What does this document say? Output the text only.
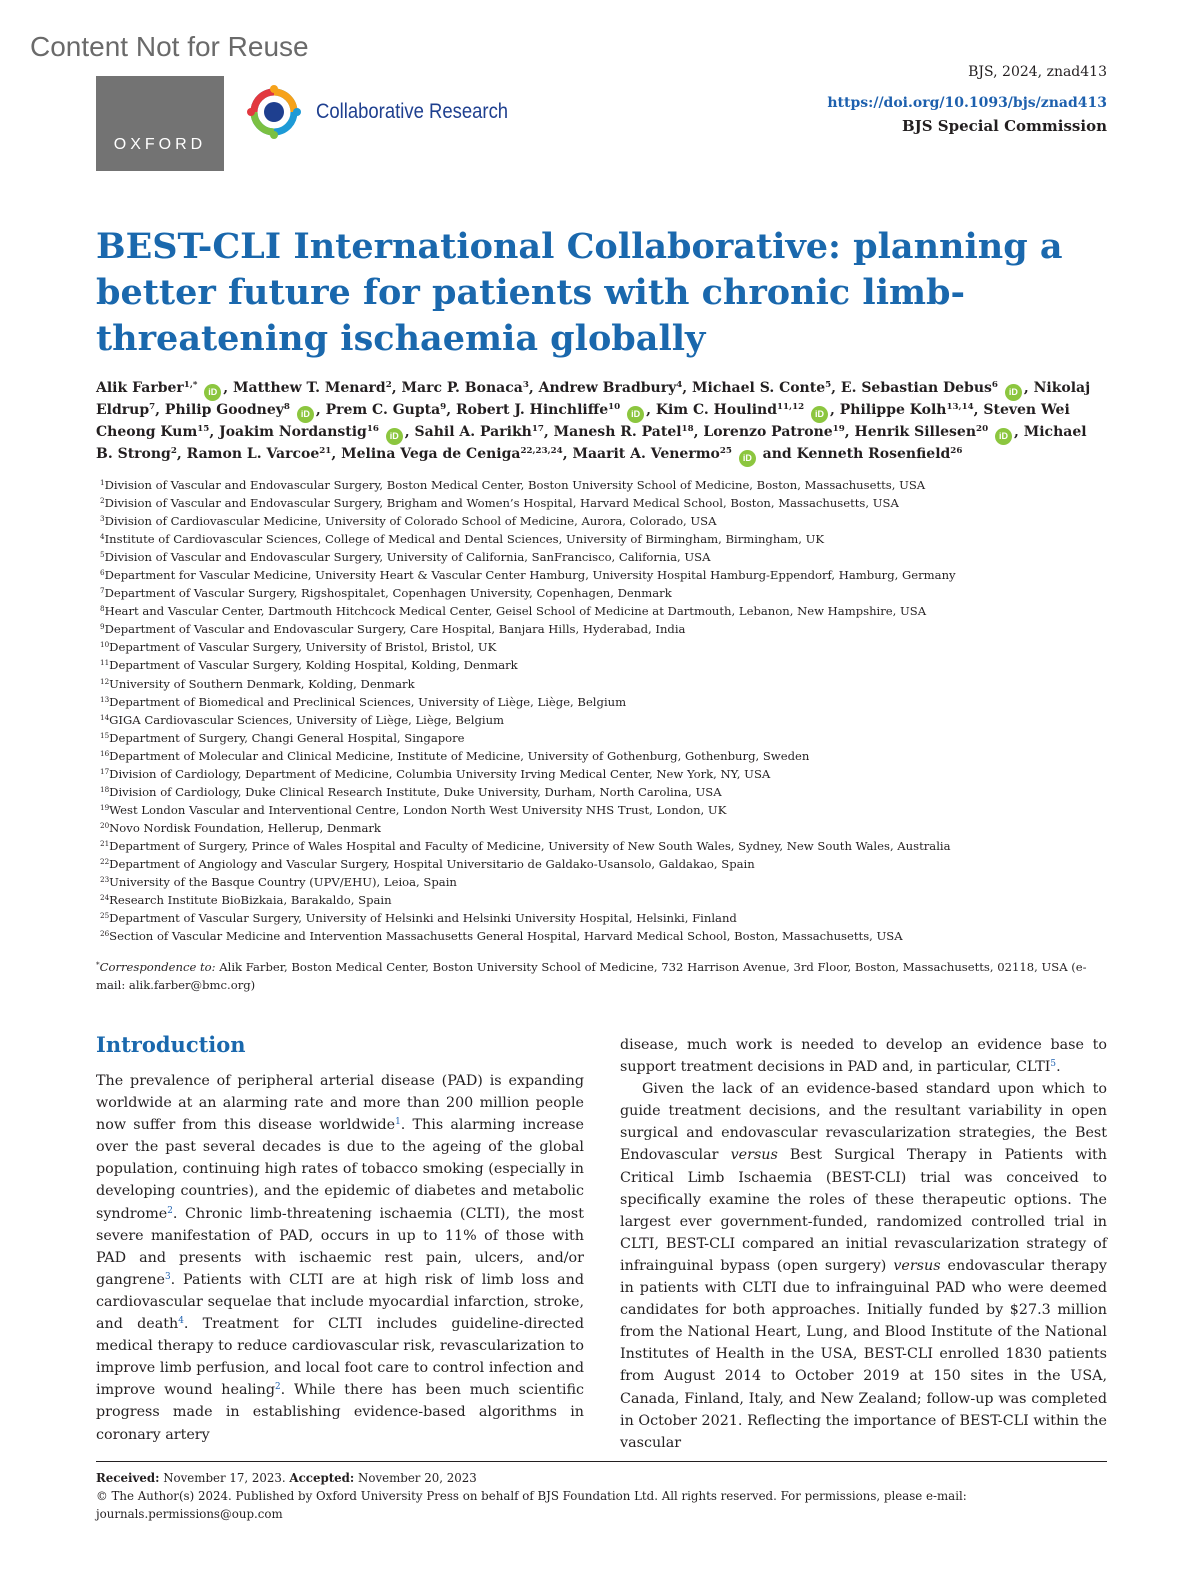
Content Not for Reuse
OXFORD
Collaborative Research
BJS, 2024, znad413
https://doi.org/10.1093/bjs/znad413
BJS Special Commission
BEST-CLI International Collaborative: planning a better future for patients with chronic limb-threatening ischaemia globally
Alik Farber$^{1,*}$ iD , Matthew T. Menard$^2$, Marc P. Bonaca$^3$, Andrew Bradbury$^4$, Michael S. Conte$^5$, E. Sebastian Debus$^6$ iD , Nikolaj Eldrup$^7$, Philip Goodney$^8$ iD , Prem C. Gupta$^9$, Robert J. Hinchliffe$^{10}$ iD , Kim C. Houlind$^{11,12}$ iD , Philippe Kolh$^{13,14}$, Steven Wei Cheong Kum$^{15}$, Joakim Nordanstig$^{16}$ iD , Sahil A. Parikh$^{17}$, Manesh R. Patel$^{18}$, Lorenzo Patrone$^{19}$, Henrik Sillesen$^{20}$ iD , Michael B. Strong$^2$, Ramon L. Varcoe$^{21}$, Melina Vega de Ceniga$^{22,23,24}$, Maarit A. Venermo$^{25}$ iD and Kenneth Rosenfield$^{26}$
$^1$Division of Vascular and Endovascular Surgery, Boston Medical Center, Boston University School of Medicine, Boston, Massachusetts, USA
$^2$Division of Vascular and Endovascular Surgery, Brigham and Women’s Hospital, Harvard Medical School, Boston, Massachusetts, USA
$^3$Division of Cardiovascular Medicine, University of Colorado School of Medicine, Aurora, Colorado, USA
$^4$Institute of Cardiovascular Sciences, College of Medical and Dental Sciences, University of Birmingham, Birmingham, UK
$^5$Division of Vascular and Endovascular Surgery, University of California, SanFrancisco, California, USA
$^6$Department for Vascular Medicine, University Heart & Vascular Center Hamburg, University Hospital Hamburg-Eppendorf, Hamburg, Germany
$^7$Department of Vascular Surgery, Rigshospitalet, Copenhagen University, Copenhagen, Denmark
$^8$Heart and Vascular Center, Dartmouth Hitchcock Medical Center, Geisel School of Medicine at Dartmouth, Lebanon, New Hampshire, USA
$^9$Department of Vascular and Endovascular Surgery, Care Hospital, Banjara Hills, Hyderabad, India
$^{10}$Department of Vascular Surgery, University of Bristol, Bristol, UK
$^{11}$Department of Vascular Surgery, Kolding Hospital, Kolding, Denmark
$^{12}$University of Southern Denmark, Kolding, Denmark
$^{13}$Department of Biomedical and Preclinical Sciences, University of Liège, Liège, Belgium
$^{14}$GIGA Cardiovascular Sciences, University of Liège, Liège, Belgium
$^{15}$Department of Surgery, Changi General Hospital, Singapore
$^{16}$Department of Molecular and Clinical Medicine, Institute of Medicine, University of Gothenburg, Gothenburg, Sweden
$^{17}$Division of Cardiology, Department of Medicine, Columbia University Irving Medical Center, New York, NY, USA
$^{18}$Division of Cardiology, Duke Clinical Research Institute, Duke University, Durham, North Carolina, USA
$^{19}$West London Vascular and Interventional Centre, London North West University NHS Trust, London, UK
$^{20}$Novo Nordisk Foundation, Hellerup, Denmark
$^{21}$Department of Surgery, Prince of Wales Hospital and Faculty of Medicine, University of New South Wales, Sydney, New South Wales, Australia
$^{22}$Department of Angiology and Vascular Surgery, Hospital Universitario de Galdako-Usansolo, Galdakao, Spain
$^{23}$University of the Basque Country (UPV/EHU), Leioa, Spain
$^{24}$Research Institute BioBizkaia, Barakaldo, Spain
$^{25}$Department of Vascular Surgery, University of Helsinki and Helsinki University Hospital, Helsinki, Finland
$^{26}$Section of Vascular Medicine and Intervention Massachusetts General Hospital, Harvard Medical School, Boston, Massachusetts, USA
*Correspondence to: Alik Farber, Boston Medical Center, Boston University School of Medicine, 732 Harrison Avenue, 3rd Floor, Boston, Massachusetts, 02118, USA (e-mail: alik.farber@bmc.org)
Introduction

The prevalence of peripheral arterial disease (PAD) is expanding worldwide at an alarming rate and more than 200 million people now suffer from this disease worldwide$^1$. This alarming increase over the past several decades is due to the ageing of the global population, continuing high rates of tobacco smoking (especially in developing countries), and the epidemic of diabetes and metabolic syndrome$^2$. Chronic limb-threatening ischaemia (CLTI), the most severe manifestation of PAD, occurs in up to 11% of those with PAD and presents with ischaemic rest pain, ulcers, and/or gangrene$^3$. Patients with CLTI are at high risk of limb loss and cardiovascular sequelae that include myocardial infarction, stroke, and death$^4$. Treatment for CLTI includes guideline-directed medical therapy to reduce cardiovascular risk, revascularization to improve limb perfusion, and local foot care to control infection and improve wound healing$^2$. While there has been much scientific progress made in establishing evidence-based algorithms in coronary artery

disease, much work is needed to develop an evidence base to support treatment decisions in PAD and, in particular, CLTI$^5$.

Given the lack of an evidence-based standard upon which to guide treatment decisions, and the resultant variability in open surgical and endovascular revascularization strategies, the Best Endovascular versus Best Surgical Therapy in Patients with Critical Limb Ischaemia (BEST-CLI) trial was conceived to specifically examine the roles of these therapeutic options. The largest ever government-funded, randomized controlled trial in CLTI, BEST-CLI compared an initial revascularization strategy of infrainguinal bypass (open surgery) versus endovascular therapy in patients with CLTI due to infrainguinal PAD who were deemed candidates for both approaches. Initially funded by $27.3 million from the National Heart, Lung, and Blood Institute of the National Institutes of Health in the USA, BEST-CLI enrolled 1830 patients from August 2014 to October 2019 at 150 sites in the USA, Canada, Finland, Italy, and New Zealand; follow-up was completed in October 2021. Reflecting the importance of BEST-CLI within the vascular

Received: November 17, 2023. Accepted: November 20, 2023
© The Author(s) 2024. Published by Oxford University Press on behalf of BJS Foundation Ltd. All rights reserved. For permissions, please e-mail: journals.permissions@oup.com
